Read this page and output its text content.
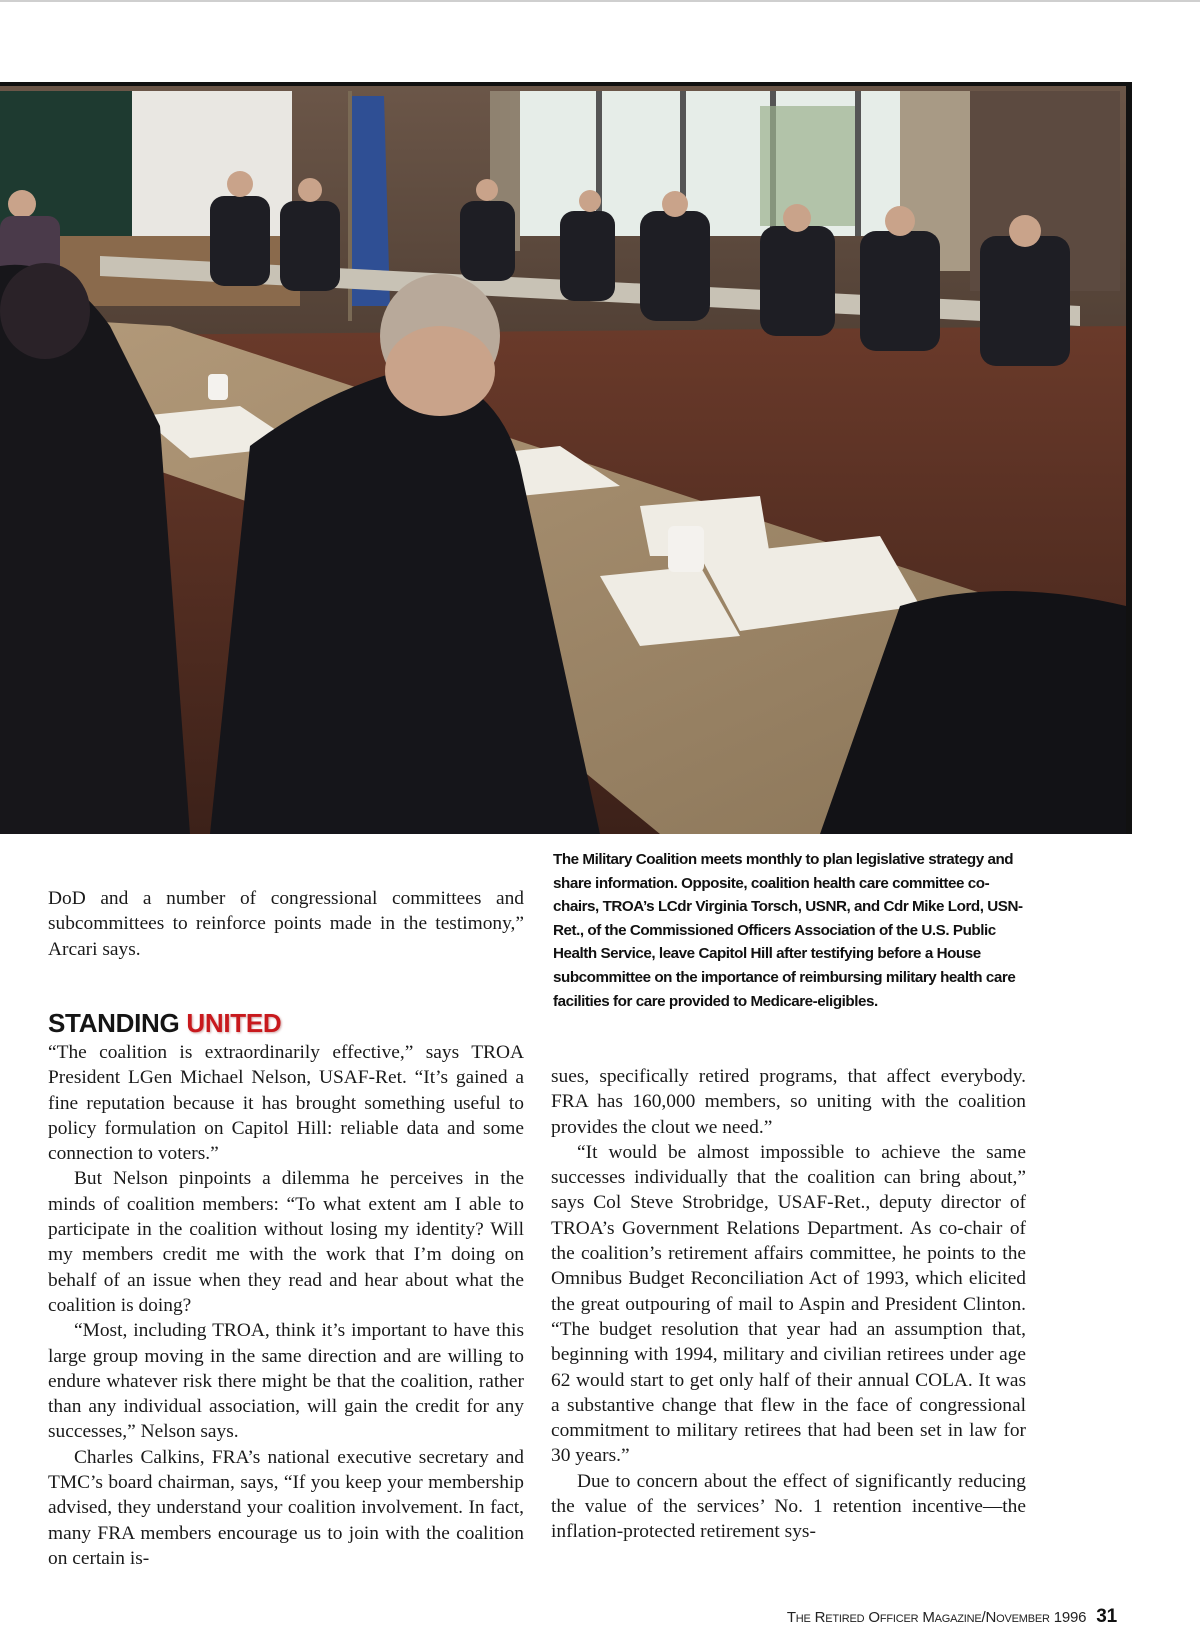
The Military Coalition meets monthly to plan legislative strategy and share information. Opposite, coalition health care committee co-chairs, TROA’s LCdr Virginia Torsch, USNR, and Cdr Mike Lord, USN-Ret., of the Commissioned Officers Association of the U.S. Public Health Service, leave Capitol Hill after testifying before a House subcommittee on the importance of reimbursing military health care facilities for care provided to Medicare-eligibles.

DoD and a number of congressional committees and subcommittees to reinforce points made in the testimony,” Arcari says.

STANDING UNITED

“The coalition is extraordinarily effective,” says TROA President LGen Michael Nelson, USAF-Ret. “It’s gained a fine reputation because it has brought something useful to policy formulation on Capitol Hill: reliable data and some connection to voters.”

But Nelson pinpoints a dilemma he perceives in the minds of coalition members: “To what extent am I able to participate in the coalition without losing my identity? Will my members credit me with the work that I’m doing on behalf of an issue when they read and hear about what the coalition is doing?

“Most, including TROA, think it’s important to have this large group moving in the same direction and are willing to endure whatever risk there might be that the coalition, rather than any individual association, will gain the credit for any successes,” Nelson says.

Charles Calkins, FRA’s national executive secretary and TMC’s board chairman, says, “If you keep your membership advised, they understand your coalition involvement. In fact, many FRA members encourage us to join with the coalition on certain is-

sues, specifically retired programs, that affect everybody. FRA has 160,000 members, so uniting with the coalition provides the clout we need.”

“It would be almost impossible to achieve the same successes individually that the coalition can bring about,” says Col Steve Strobridge, USAF-Ret., deputy director of TROA’s Government Relations Department. As co-chair of the coalition’s retirement affairs committee, he points to the Omnibus Budget Reconciliation Act of 1993, which elicited the great outpouring of mail to Aspin and President Clinton. “The budget resolution that year had an assumption that, beginning with 1994, military and civilian retirees under age 62 would start to get only half of their annual COLA. It was a substantive change that flew in the face of congressional commitment to military retirees that had been set in law for 30 years.”

Due to concern about the effect of significantly reducing the value of the services’ No. 1 retention incentive—the inflation-protected retirement sys-

The Retired Officer Magazine/November 1996 31
